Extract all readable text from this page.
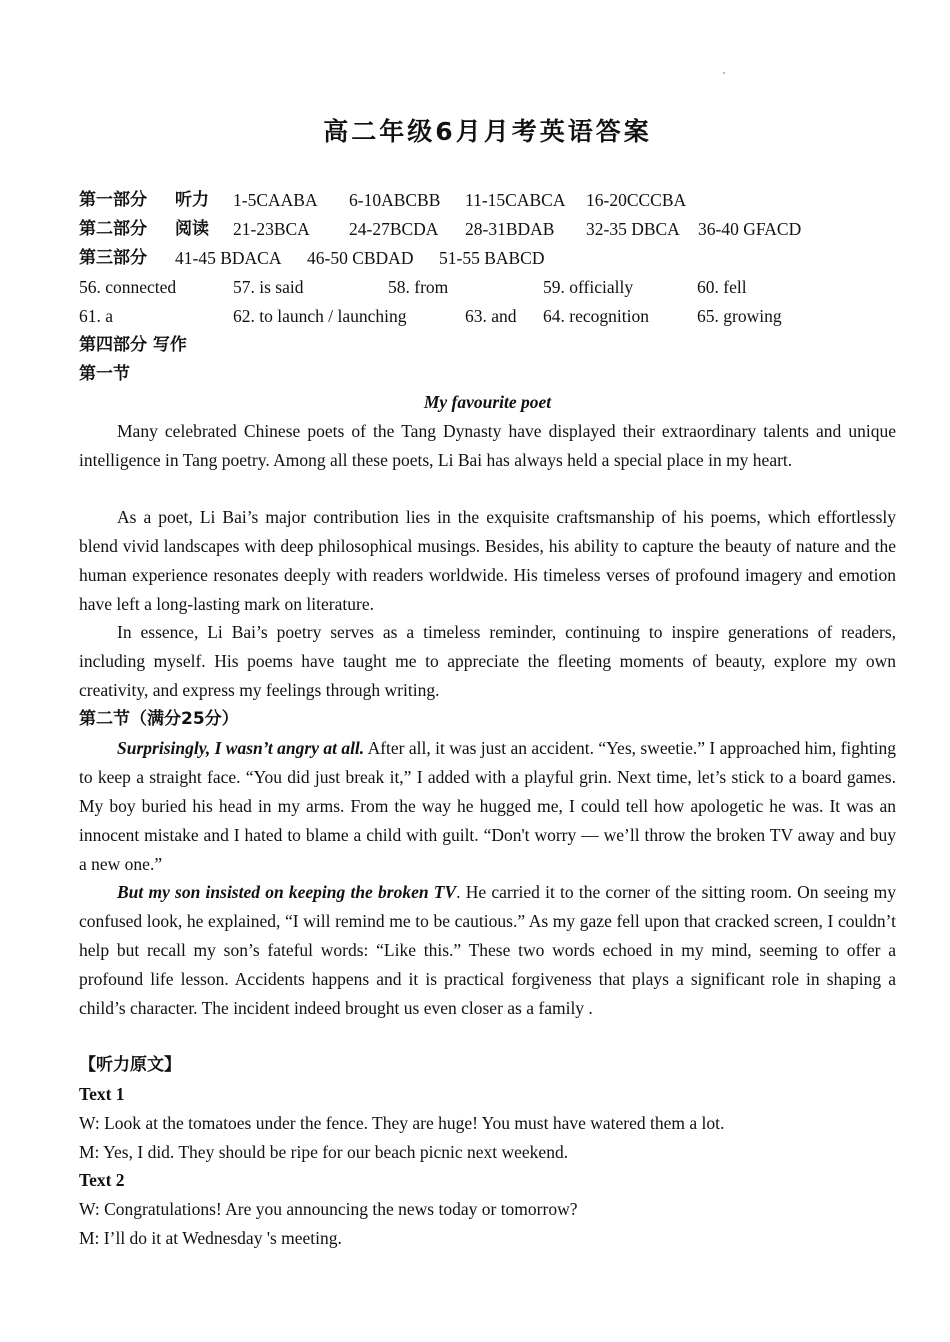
高二年级6月月考英语答案
第一部分 听力 1-5CAABA 6-10ABCBB 11-15CABCA 16-20CCCBA
第二部分 阅读 21-23BCA 24-27BCDA 28-31BDAB 32-35 DBCA 36-40 GFACD
第三部分 41-45 BDACA 46-50 CBDAD 51-55 BABCD
56. connected	57. is said	58. from	59. officially	60. fell
61. a	62. to launch / launching	63. and 64. recognition	65. growing
第四部分 写作
第一节
My favourite poet

Many celebrated Chinese poets of the Tang Dynasty have displayed their extraordinary talents and unique intelligence in Tang poetry. Among all these poets, Li Bai has always held a special place in my heart.

As a poet, Li Bai’s major contribution lies in the exquisite craftsmanship of his poems, which effortlessly blend vivid landscapes with deep philosophical musings. Besides, his ability to capture the beauty of nature and the human experience resonates deeply with readers worldwide. His timeless verses of profound imagery and emotion have left a long-lasting mark on literature.

In essence, Li Bai’s poetry serves as a timeless reminder, continuing to inspire generations of readers, including myself. His poems have taught me to appreciate the fleeting moments of beauty, explore my own creativity, and express my feelings through writing.

第二节（满分25分）

Surprisingly, I wasn’t angry at all. After all, it was just an accident. “Yes, sweetie.” I approached him, fighting to keep a straight face. “You did just break it,” I added with a playful grin. Next time, let’s stick to a board games. My boy buried his head in my arms. From the way he hugged me, I could tell how apologetic he was. It was an innocent mistake and I hated to blame a child with guilt. “Don't worry — we’ll throw the broken TV away and buy a new one.”

But my son insisted on keeping the broken TV. He carried it to the corner of the sitting room. On seeing my confused look, he explained, “I will remind me to be cautious.” As my gaze fell upon that cracked screen, I couldn’t help but recall my son’s fateful words: “Like this.” These two words echoed in my mind, seeming to offer a profound life lesson. Accidents happens and it is practical forgiveness that plays a significant role in shaping a child’s character. The incident indeed brought us even closer as a family .

【听力原文】
Text 1
W: Look at the tomatoes under the fence. They are huge! You must have watered them a lot.
M: Yes, I did. They should be ripe for our beach picnic next weekend.
Text 2
W: Congratulations! Are you announcing the news today or tomorrow?
M: I’ll do it at Wednesday 's meeting.
